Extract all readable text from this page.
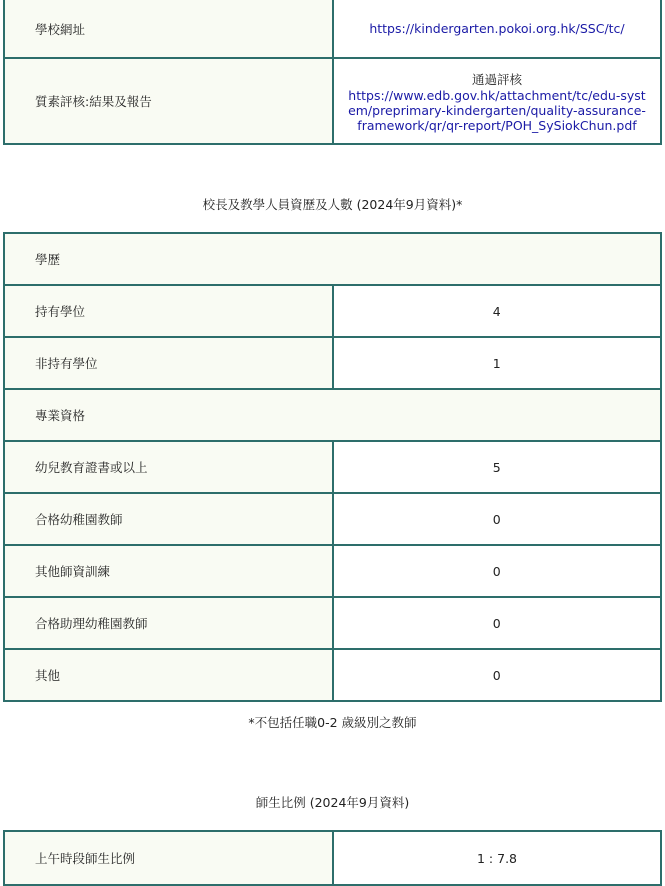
學校網址	https://kindergarten.pokoi.org.hk/SSC/tc/
質素評核:結果及報告	通過評核
https://www.edb.gov.hk/attachment/tc/edu-system/preprimary-kindergarten/quality-assurance-framework/qr/qr-report/POH_SySiokChun.pdf
校長及教學人員資歷及人數 (2024年9月資料)*
學歷	
持有學位	4
非持有學位	1
專業資格	
幼兒教育證書或以上	5
合格幼稚園教師	0
其他師資訓練	0
合格助理幼稚園教師	0
其他	0
*不包括任職0-2 歲級別之教師
師生比例 (2024年9月資料)
上午時段師生比例	1 : 7.8
